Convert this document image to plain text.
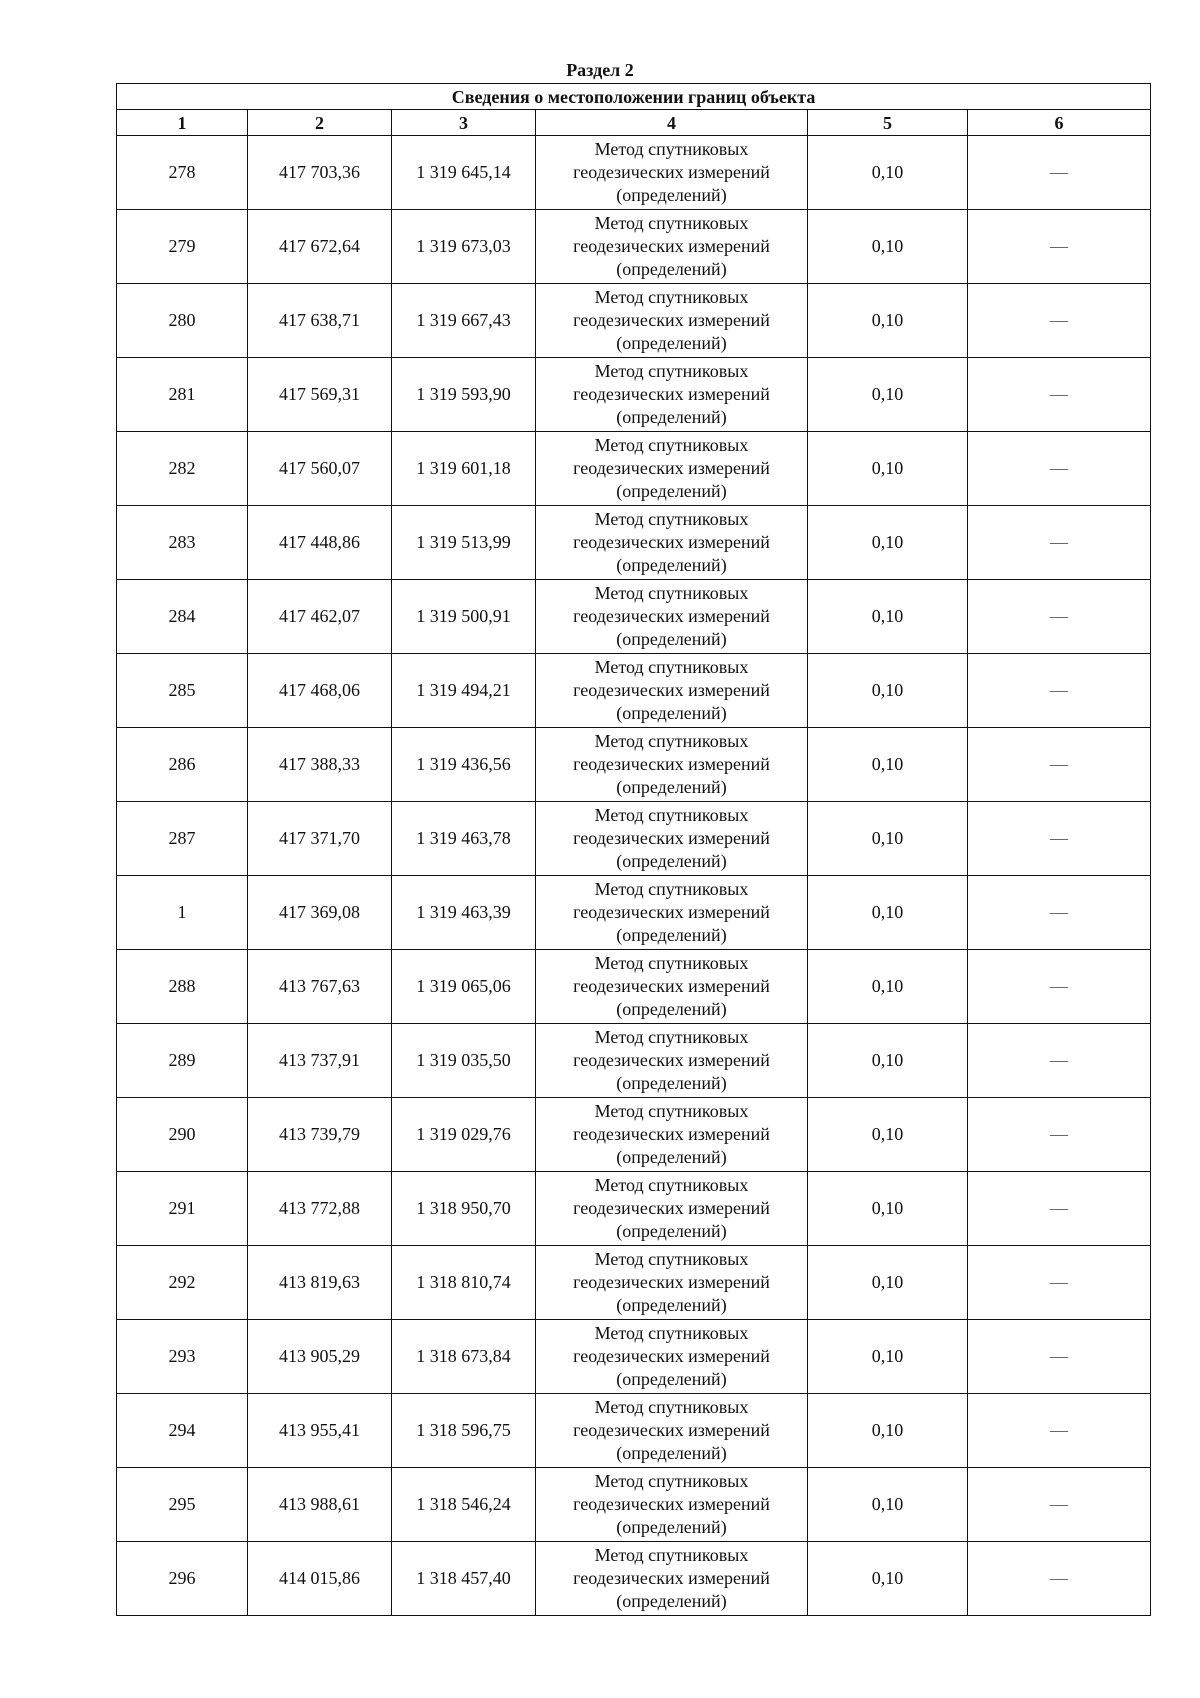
Раздел 2
Сведения о местоположении границ объекта					
1	2	3	4	5	6
278	417 703,36	1 319 645,14	Метод спутниковых
геодезических измерений
(определений)	0,10	—
279	417 672,64	1 319 673,03	Метод спутниковых
геодезических измерений
(определений)	0,10	—
280	417 638,71	1 319 667,43	Метод спутниковых
геодезических измерений
(определений)	0,10	—
281	417 569,31	1 319 593,90	Метод спутниковых
геодезических измерений
(определений)	0,10	—
282	417 560,07	1 319 601,18	Метод спутниковых
геодезических измерений
(определений)	0,10	—
283	417 448,86	1 319 513,99	Метод спутниковых
геодезических измерений
(определений)	0,10	—
284	417 462,07	1 319 500,91	Метод спутниковых
геодезических измерений
(определений)	0,10	—
285	417 468,06	1 319 494,21	Метод спутниковых
геодезических измерений
(определений)	0,10	—
286	417 388,33	1 319 436,56	Метод спутниковых
геодезических измерений
(определений)	0,10	—
287	417 371,70	1 319 463,78	Метод спутниковых
геодезических измерений
(определений)	0,10	—
1	417 369,08	1 319 463,39	Метод спутниковых
геодезических измерений
(определений)	0,10	—
288	413 767,63	1 319 065,06	Метод спутниковых
геодезических измерений
(определений)	0,10	—
289	413 737,91	1 319 035,50	Метод спутниковых
геодезических измерений
(определений)	0,10	—
290	413 739,79	1 319 029,76	Метод спутниковых
геодезических измерений
(определений)	0,10	—
291	413 772,88	1 318 950,70	Метод спутниковых
геодезических измерений
(определений)	0,10	—
292	413 819,63	1 318 810,74	Метод спутниковых
геодезических измерений
(определений)	0,10	—
293	413 905,29	1 318 673,84	Метод спутниковых
геодезических измерений
(определений)	0,10	—
294	413 955,41	1 318 596,75	Метод спутниковых
геодезических измерений
(определений)	0,10	—
295	413 988,61	1 318 546,24	Метод спутниковых
геодезических измерений
(определений)	0,10	—
296	414 015,86	1 318 457,40	Метод спутниковых
геодезических измерений
(определений)	0,10	—
